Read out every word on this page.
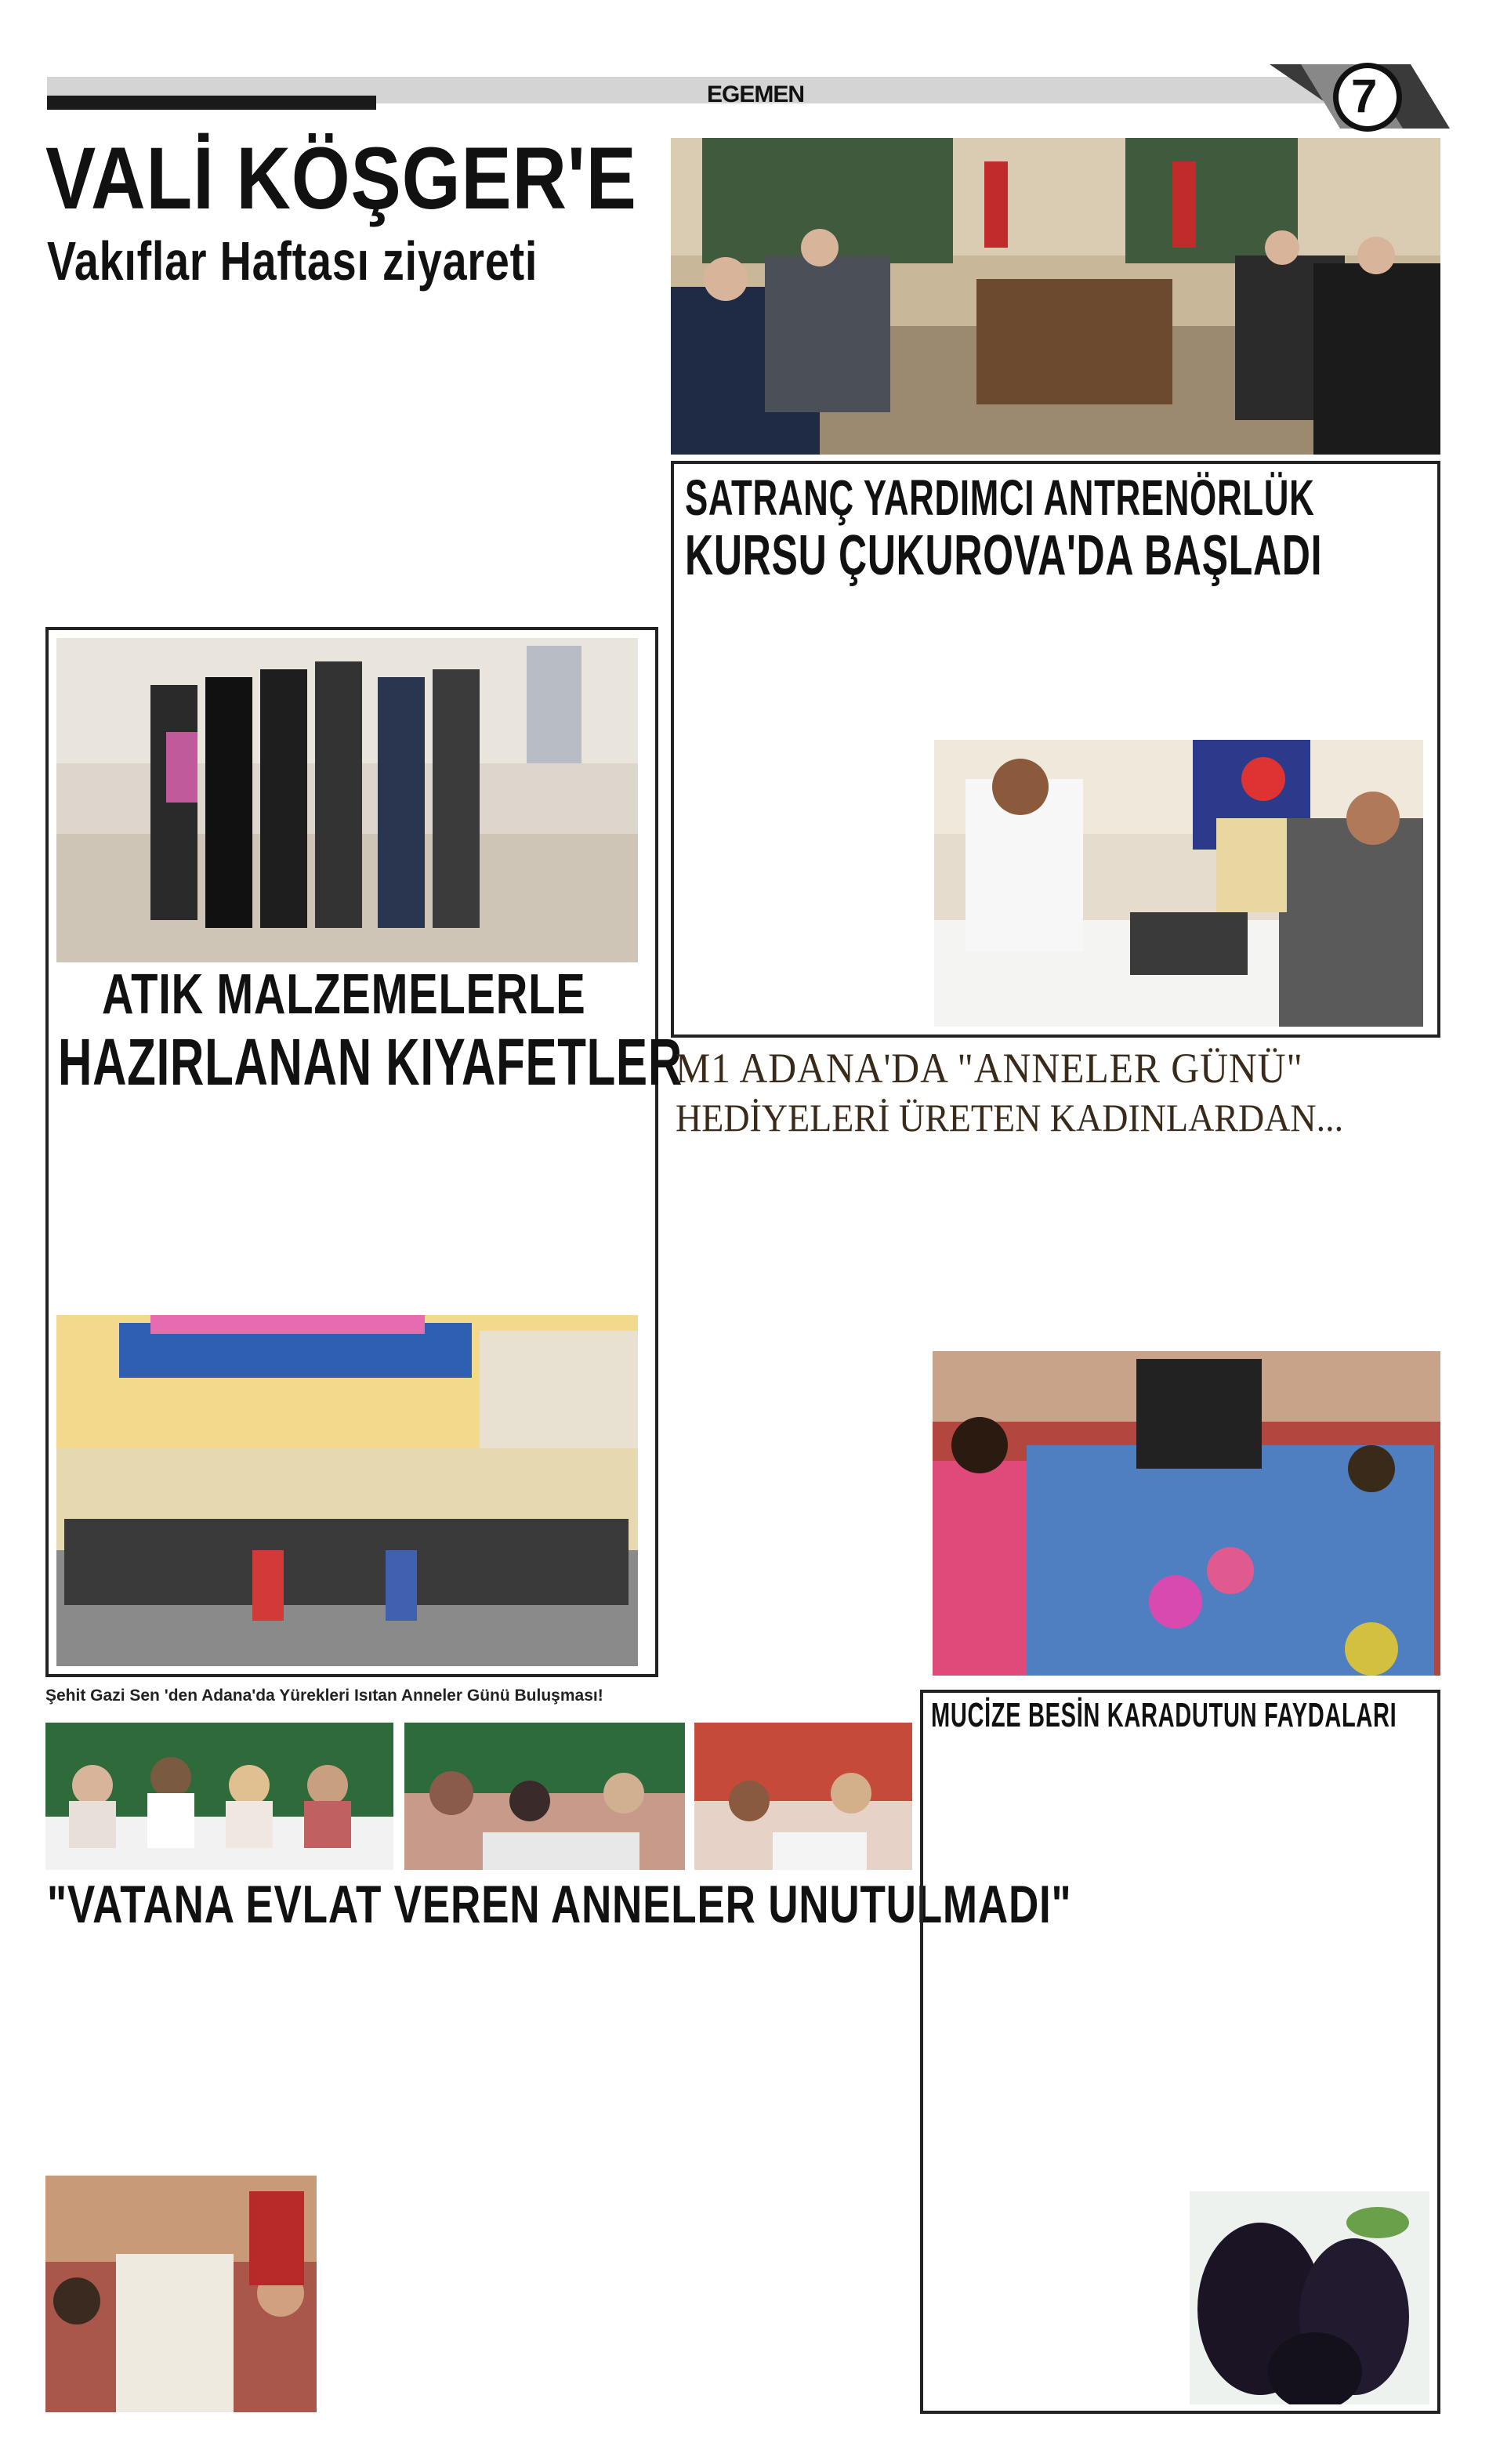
EGEMEN	7
VALİ KÖŞGER'E
Vakıflar Haftası ziyareti
SATRANÇ YARDIMCI ANTRENÖRLÜK
KURSU ÇUKUROVA'DA BAŞLADI
ATIK MALZEMELERLE
HAZIRLANAN KIYAFETLER
M1 ADANA'DA "ANNELER GÜNÜ"
HEDİYELERİ ÜRETEN KADINLARDAN...
Şehit Gazi Sen 'den Adana'da Yürekleri Isıtan Anneler Günü Buluşması!
"VATANA EVLAT VEREN ANNELER UNUTULMADI"
MUCİZE BESİN KARADUTUN FAYDALARI
